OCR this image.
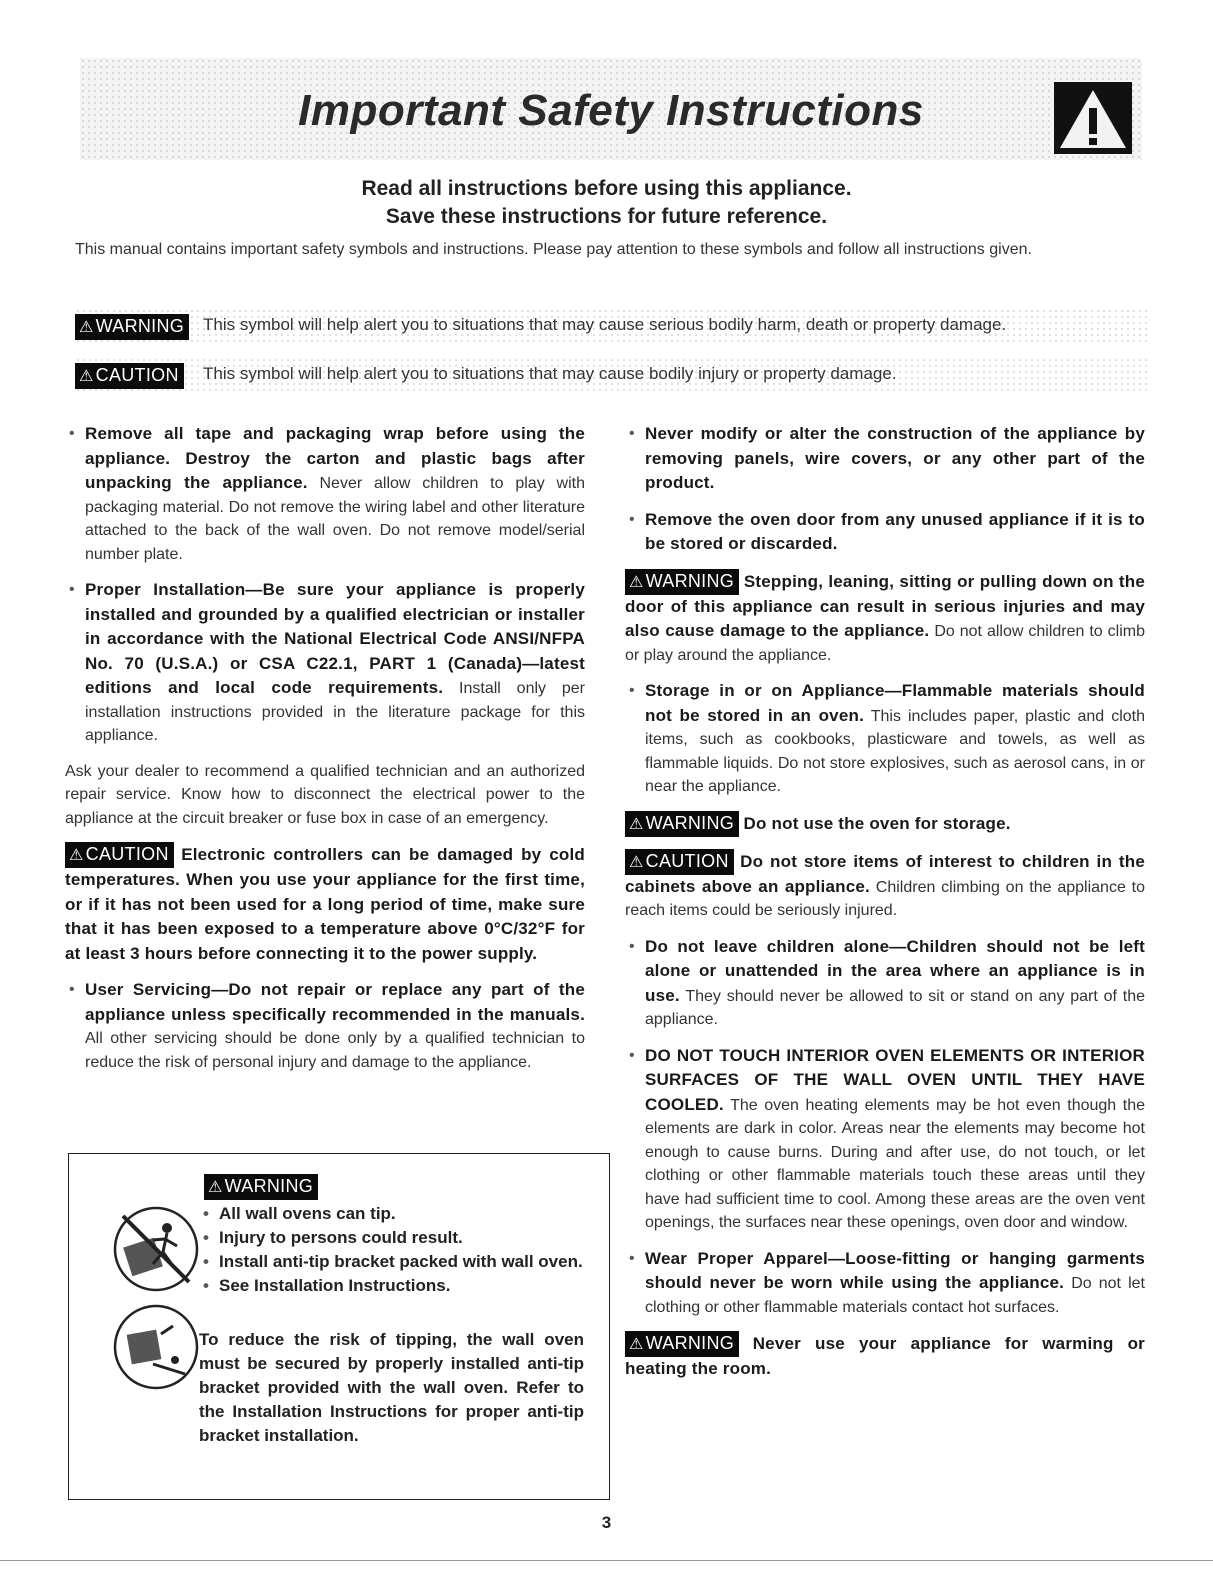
Important Safety Instructions
Read all instructions before using this appliance.
Save these instructions for future reference.
This manual contains important safety symbols and instructions. Please pay attention to these symbols and follow all instructions given.
⚠ WARNING This symbol will help alert you to situations that may cause serious bodily harm, death or property damage.
⚠ CAUTION This symbol will help alert you to situations that may cause bodily injury or property damage.
• Remove all tape and packaging wrap before using the appliance. Destroy the carton and plastic bags after unpacking the appliance. Never allow children to play with packaging material. Do not remove the wiring label and other literature attached to the back of the wall oven. Do not remove model/serial number plate.
• Proper Installation—Be sure your appliance is properly installed and grounded by a qualified electrician or installer in accordance with the National Electrical Code ANSI/NFPA No. 70 (U.S.A.) or CSA C22.1, PART 1 (Canada)—latest editions and local code requirements. Install only per installation instructions provided in the literature package for this appliance.
Ask your dealer to recommend a qualified technician and an authorized repair service. Know how to disconnect the electrical power to the appliance at the circuit breaker or fuse box in case of an emergency.
⚠ CAUTION Electronic controllers can be damaged by cold temperatures. When you use your appliance for the first time, or if it has not been used for a long period of time, make sure that it has been exposed to a temperature above 0°C/32°F for at least 3 hours before connecting it to the power supply.
• User Servicing—Do not repair or replace any part of the appliance unless specifically recommended in the manuals. All other servicing should be done only by a qualified technician to reduce the risk of personal injury and damage to the appliance.
⚠ WARNING
• All wall ovens can tip.
• Injury to persons could result.
• Install anti-tip bracket packed with wall oven.
• See Installation Instructions.
To reduce the risk of tipping, the wall oven must be secured by properly installed anti-tip bracket provided with the wall oven. Refer to the Installation Instructions for proper anti-tip bracket installation.
• Never modify or alter the construction of the appliance by removing panels, wire covers, or any other part of the product.
• Remove the oven door from any unused appliance if it is to be stored or discarded.
⚠ WARNING Stepping, leaning, sitting or pulling down on the door of this appliance can result in serious injuries and may also cause damage to the appliance. Do not allow children to climb or play around the appliance.
• Storage in or on Appliance—Flammable materials should not be stored in an oven. This includes paper, plastic and cloth items, such as cookbooks, plasticware and towels, as well as flammable liquids. Do not store explosives, such as aerosol cans, in or near the appliance.
⚠ WARNING Do not use the oven for storage.
⚠ CAUTION Do not store items of interest to children in the cabinets above an appliance. Children climbing on the appliance to reach items could be seriously injured.
• Do not leave children alone—Children should not be left alone or unattended in the area where an appliance is in use. They should never be allowed to sit or stand on any part of the appliance.
• DO NOT TOUCH INTERIOR OVEN ELEMENTS OR INTERIOR SURFACES OF THE WALL OVEN UNTIL THEY HAVE COOLED. The oven heating elements may be hot even though the elements are dark in color. Areas near the elements may become hot enough to cause burns. During and after use, do not touch, or let clothing or other flammable materials touch these areas until they have had sufficient time to cool. Among these areas are the oven vent openings, the surfaces near these openings, oven door and window.
• Wear Proper Apparel—Loose-fitting or hanging garments should never be worn while using the appliance. Do not let clothing or other flammable materials contact hot surfaces.
⚠ WARNING Never use your appliance for warming or heating the room.
3
